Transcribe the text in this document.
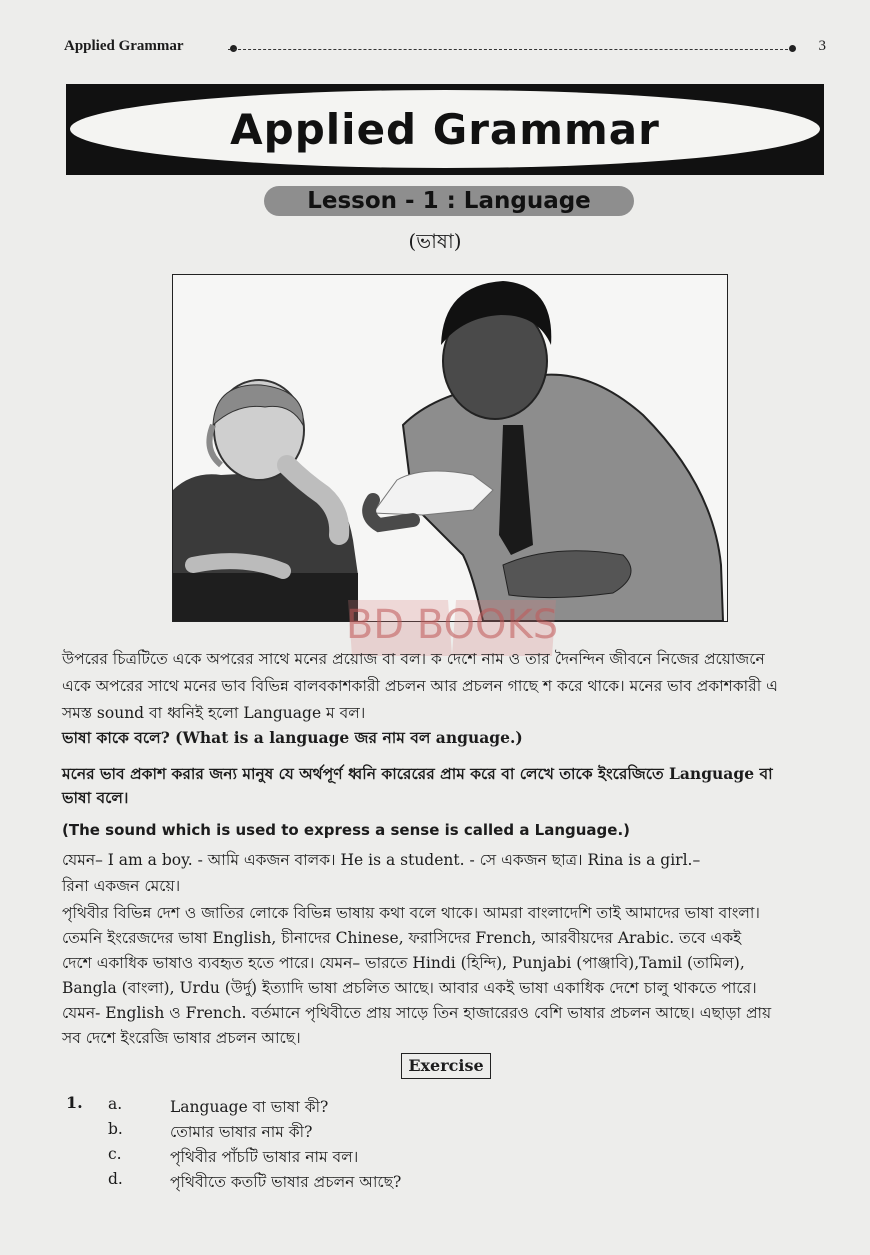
Applied Grammar	3
Applied Grammar
Lesson - 1 : Language
(ভাষা)
BD BOOKS

উপরের চিত্রটিতে একে অপরের সাথে মনের প্রয়োজ বা বল। ক দেশে নাম ও তার দৈনন্দিন জীবনে নিজের প্রয়োজনে

একে অপরের সাথে মনের ভাব বিভিন্ন বালবকাশকারী প্রচলন আর প্রচলন গাছে শ করে থাকে। মনের ভাব প্রকাশকারী এ

সমস্ত sound বা ধ্বনিই হলো Language ম বল।

ভাষা কাকে বলে? (What is a language জর নাম বল anguage.)

মনের ভাব প্রকাশ করার জন্য মানুষ যে অর্থপূর্ণ ধ্বনি কারেরের প্রাম করে বা লেখে তাকে ইংরেজিতে Language বা

ভাষা বলে।

(The sound which is used to express a sense is called a Language.)

যেমন– I am a boy. - আমি একজন বালক। He is a student. - সে একজন ছাত্র। Rina is a girl.–

রিনা একজন মেয়ে।

পৃথিবীর বিভিন্ন দেশ ও জাতির লোকে বিভিন্ন ভাষায় কথা বলে থাকে। আমরা বাংলাদেশি তাই আমাদের ভাষা বাংলা।

তেমনি ইংরেজদের ভাষা English, চীনাদের Chinese, ফরাসিদের French, আরবীয়দের Arabic. তবে একই

দেশে একাধিক ভাষাও ব্যবহৃত হতে পারে। যেমন– ভারতে Hindi (হিন্দি), Punjabi (পাঞ্জাবি),Tamil (তামিল),

Bangla (বাংলা), Urdu (উর্দু) ইত্যাদি ভাষা প্রচলিত আছে। আবার একই ভাষা একাধিক দেশে চালু থাকতে পারে।

যেমন- English ও French. বর্তমানে পৃথিবীতে প্রায় সাড়ে তিন হাজারেরও বেশি ভাষার প্রচলন আছে। এছাড়া প্রায়

সব দেশে ইংরেজি ভাষার প্রচলন আছে।

Exercise
1. a.	Language বা ভাষা কী?
b.	তোমার ভাষার নাম কী?
c.	পৃথিবীর পাঁচটি ভাষার নাম বল।
d.	পৃথিবীতে কতটি ভাষার প্রচলন আছে?
